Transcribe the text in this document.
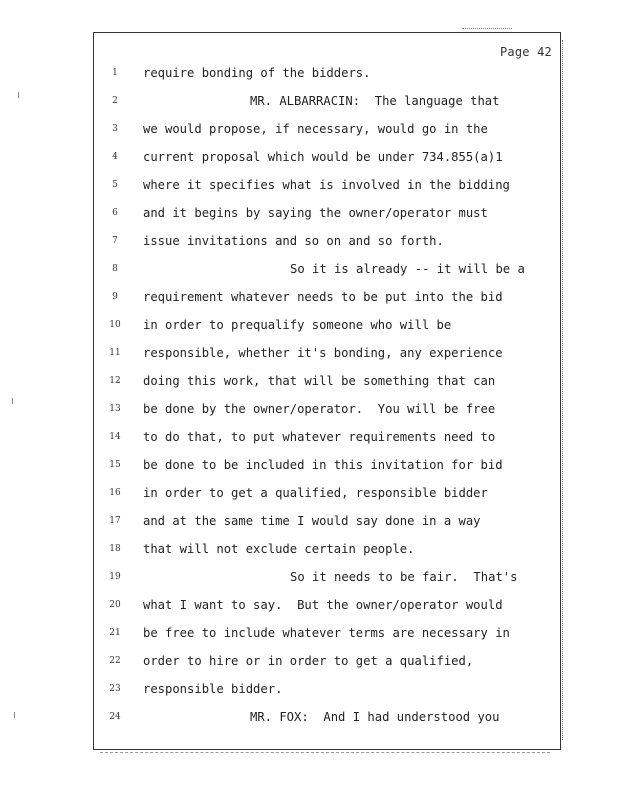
Page 42
1	require bonding of the bidders.
2	MR. ALBARRACIN:  The language that
3	we would propose, if necessary, would go in the
4	current proposal which would be under 734.855(a)1
5	where it specifies what is involved in the bidding
6	and it begins by saying the owner/operator must
7	issue invitations and so on and so forth.
8	So it is already -- it will be a
9	requirement whatever needs to be put into the bid
10	in order to prequalify someone who will be
11	responsible, whether it's bonding, any experience
12	doing this work, that will be something that can
13	be done by the owner/operator.  You will be free
14	to do that, to put whatever requirements need to
15	be done to be included in this invitation for bid
16	in order to get a qualified, responsible bidder
17	and at the same time I would say done in a way
18	that will not exclude certain people.
19	So it needs to be fair.  That's
20	what I want to say.  But the owner/operator would
21	be free to include whatever terms are necessary in
22	order to hire or in order to get a qualified,
23	responsible bidder.
24	MR. FOX:  And I had understood you
